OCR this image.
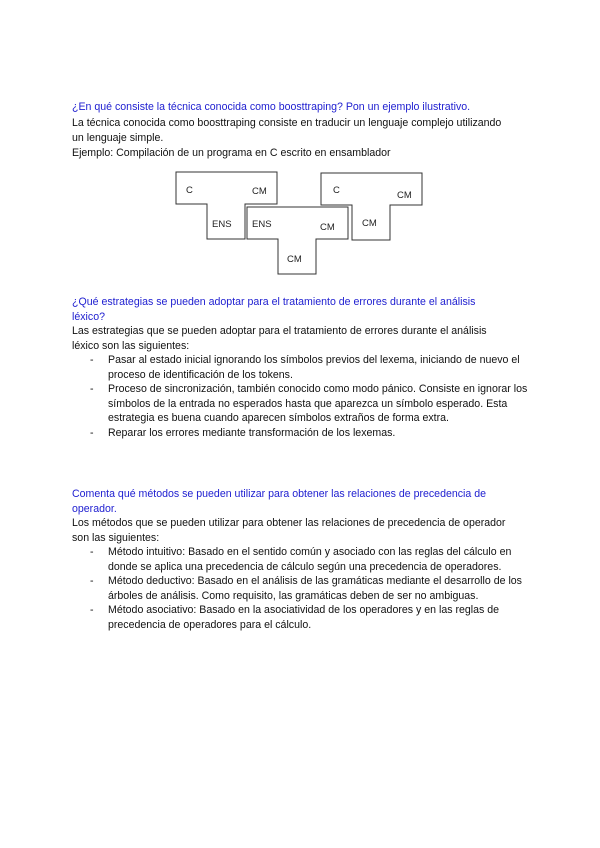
¿En qué consiste la técnica conocida como boosttraping? Pon un ejemplo ilustrativo.
La técnica conocida como boosttraping consiste en traducir un lenguaje complejo utilizando
un lenguaje simple.
Ejemplo: Compilación de un programa en C escrito en ensamblador
C	CM
ENS ENS	CM
CM
C	CM
CM
¿Qué estrategias se pueden adoptar para el tratamiento de errores durante el análisis
léxico?
Las estrategias que se pueden adoptar para el tratamiento de errores durante el análisis
léxico son las siguientes:
- Pasar al estado inicial ignorando los símbolos previos del lexema, iniciando de nuevo el proceso de identificación de los tokens.
- Proceso de sincronización, también conocido como modo pánico. Consiste en ignorar los símbolos de la entrada no esperados hasta que aparezca un símbolo esperado. Esta estrategia es buena cuando aparecen símbolos extraños de forma extra.
- Reparar los errores mediante transformación de los lexemas.
Comenta qué métodos se pueden utilizar para obtener las relaciones de precedencia de
operador.
Los métodos que se pueden utilizar para obtener las relaciones de precedencia de operador
son las siguientes:
- Método intuitivo: Basado en el sentido común y asociado con las reglas del cálculo en donde se aplica una precedencia de cálculo según una precedencia de operadores.
- Método deductivo: Basado en el análisis de las gramáticas mediante el desarrollo de los árboles de análisis. Como requisito, las gramáticas deben de ser no ambiguas.
- Método asociativo: Basado en la asociatividad de los operadores y en las reglas de precedencia de operadores para el cálculo.
